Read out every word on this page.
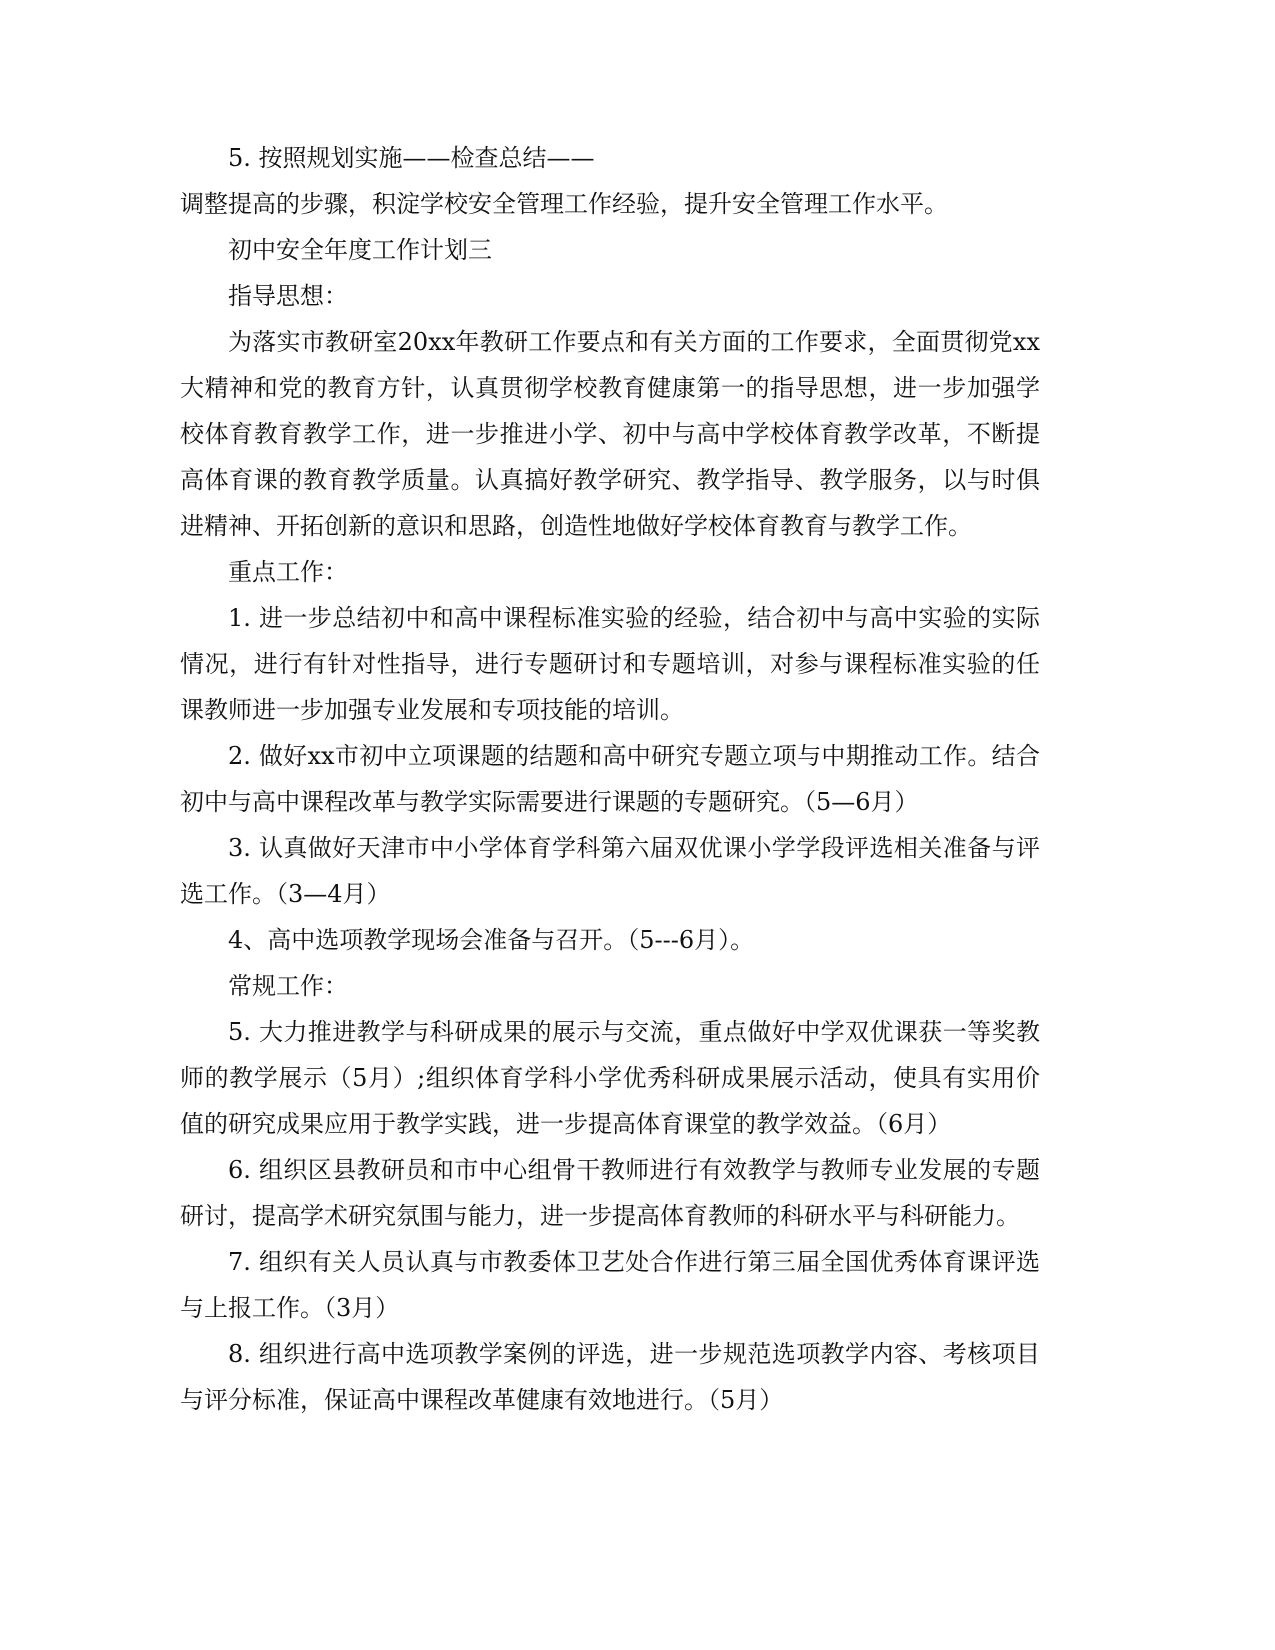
5. 按照规划实施——检查总结——

调整提高的步骤，积淀学校安全管理工作经验，提升安全管理工作水平。

初中安全年度工作计划三

指导思想：

为落实市教研室20xx年教研工作要点和有关方面的工作要求，全面贯彻党xx大精神和党的教育方针，认真贯彻学校教育健康第一的指导思想，进一步加强学校体育教育教学工作，进一步推进小学、初中与高中学校体育教学改革，不断提高体育课的教育教学质量。认真搞好教学研究、教学指导、教学服务，以与时俱进精神、开拓创新的意识和思路，创造性地做好学校体育教育与教学工作。

重点工作：

1. 进一步总结初中和高中课程标准实验的经验，结合初中与高中实验的实际情况，进行有针对性指导，进行专题研讨和专题培训，对参与课程标准实验的任课教师进一步加强专业发展和专项技能的培训。

2. 做好xx市初中立项课题的结题和高中研究专题立项与中期推动工作。结合初中与高中课程改革与教学实际需要进行课题的专题研究。（5—6月）

3. 认真做好天津市中小学体育学科第六届双优课小学学段评选相关准备与评选工作。（3—4月）

4、高中选项教学现场会准备与召开。（5---6月）。

常规工作：

5. 大力推进教学与科研成果的展示与交流，重点做好中学双优课获一等奖教师的教学展示（5月）;组织体育学科小学优秀科研成果展示活动，使具有实用价值的研究成果应用于教学实践，进一步提高体育课堂的教学效益。（6月）

6. 组织区县教研员和市中心组骨干教师进行有效教学与教师专业发展的专题研讨，提高学术研究氛围与能力，进一步提高体育教师的科研水平与科研能力。

7. 组织有关人员认真与市教委体卫艺处合作进行第三届全国优秀体育课评选与上报工作。（3月）

8. 组织进行高中选项教学案例的评选，进一步规范选项教学内容、考核项目与评分标准，保证高中课程改革健康有效地进行。（5月）
